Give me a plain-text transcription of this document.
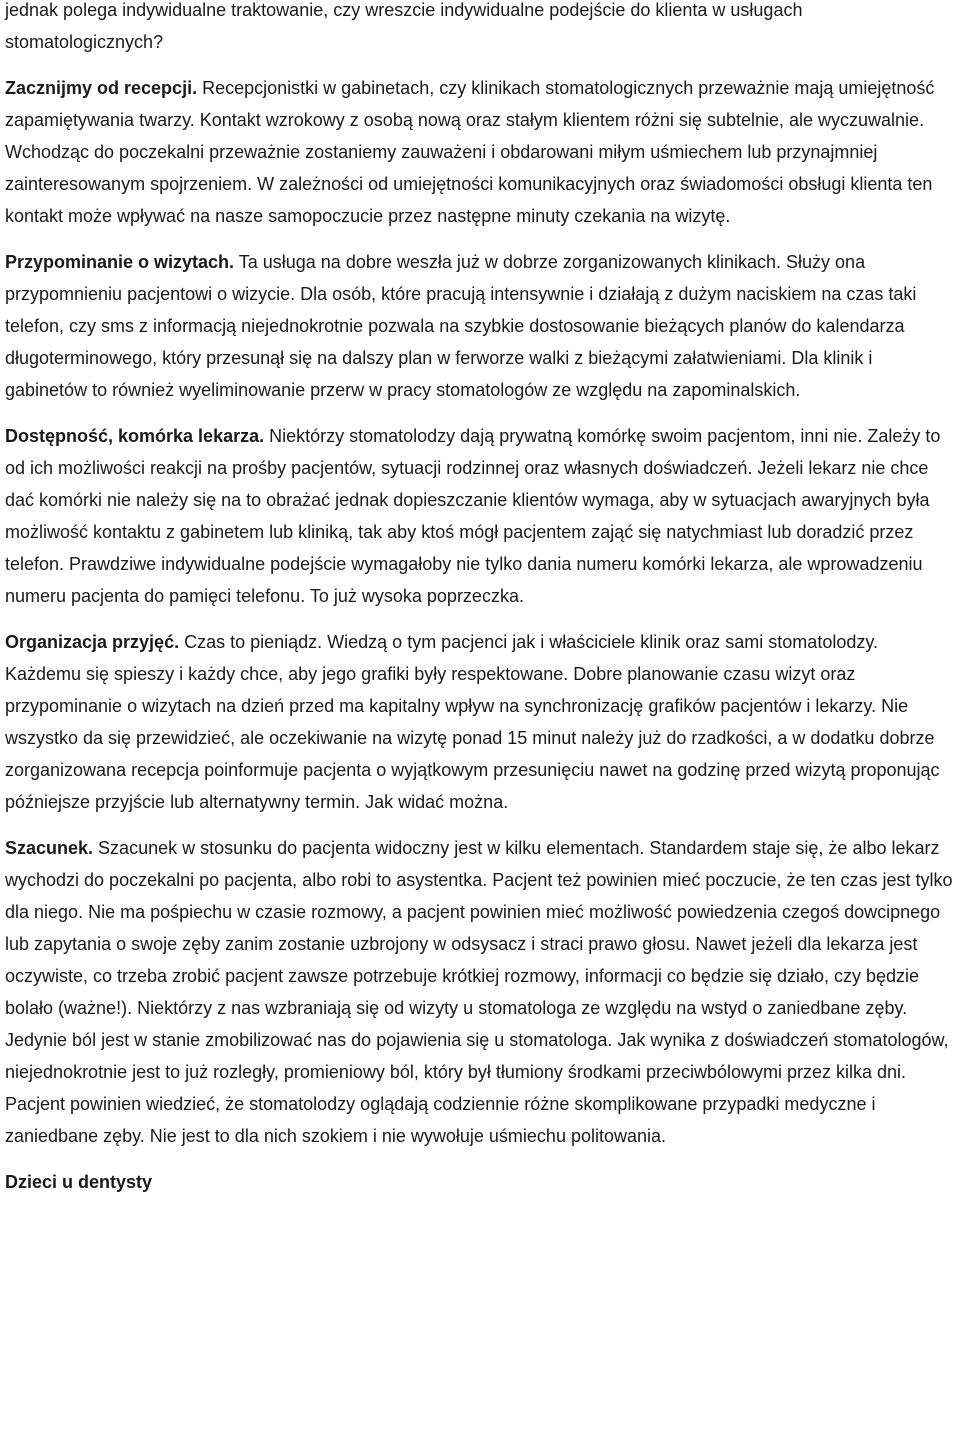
jednak polega indywidualne traktowanie, czy wreszcie indywidualne podejście do klienta w usługach stomatologicznych?

Zacznijmy od recepcji. Recepcjonistki w gabinetach, czy klinikach stomatologicznych przeważnie mają umiejętność zapamiętywania twarzy. Kontakt wzrokowy z osobą nową oraz stałym klientem różni się subtelnie, ale wyczuwalnie. Wchodząc do poczekalni przeważnie zostaniemy zauważeni i obdarowani miłym uśmiechem lub przynajmniej zainteresowanym spojrzeniem. W zależności od umiejętności komunikacyjnych oraz świadomości obsługi klienta ten kontakt może wpływać na nasze samopoczucie przez następne minuty czekania na wizytę.

Przypominanie o wizytach. Ta usługa na dobre weszła już w dobrze zorganizowanych klinikach. Służy ona przypomnieniu pacjentowi o wizycie. Dla osób, które pracują intensywnie i działają z dużym naciskiem na czas taki telefon, czy sms z informacją niejednokrotnie pozwala na szybkie dostosowanie bieżących planów do kalendarza długoterminowego, który przesunął się na dalszy plan w ferworze walki z bieżącymi załatwieniami. Dla klinik i gabinetów to również wyeliminowanie przerw w pracy stomatologów ze względu na zapominalskich.

Dostępność, komórka lekarza. Niektórzy stomatolodzy dają prywatną komórkę swoim pacjentom, inni nie. Zależy to od ich możliwości reakcji na prośby pacjentów, sytuacji rodzinnej oraz własnych doświadczeń. Jeżeli lekarz nie chce dać komórki nie należy się na to obrażać jednak dopieszczanie klientów wymaga, aby w sytuacjach awaryjnych była możliwość kontaktu z gabinetem lub kliniką, tak aby ktoś mógł pacjentem zająć się natychmiast lub doradzić przez telefon. Prawdziwe indywidualne podejście wymagałoby nie tylko dania numeru komórki lekarza, ale wprowadzeniu numeru pacjenta do pamięci telefonu. To już wysoka poprzeczka.

Organizacja przyjęć. Czas to pieniądz. Wiedzą o tym pacjenci jak i właściciele klinik oraz sami stomatolodzy. Każdemu się spieszy i każdy chce, aby jego grafiki były respektowane. Dobre planowanie czasu wizyt oraz przypominanie o wizytach na dzień przed ma kapitalny wpływ na synchronizację grafików pacjentów i lekarzy. Nie wszystko da się przewidzieć, ale oczekiwanie na wizytę ponad 15 minut należy już do rzadkości, a w dodatku dobrze zorganizowana recepcja poinformuje pacjenta o wyjątkowym przesunięciu nawet na godzinę przed wizytą proponując późniejsze przyjście lub alternatywny termin. Jak widać można.

Szacunek. Szacunek w stosunku do pacjenta widoczny jest w kilku elementach. Standardem staje się, że albo lekarz wychodzi do poczekalni po pacjenta, albo robi to asystentka. Pacjent też powinien mieć poczucie, że ten czas jest tylko dla niego. Nie ma pośpiechu w czasie rozmowy, a pacjent powinien mieć możliwość powiedzenia czegoś dowcipnego lub zapytania o swoje zęby zanim zostanie uzbrojony w odsysacz i straci prawo głosu. Nawet jeżeli dla lekarza jest oczywiste, co trzeba zrobić pacjent zawsze potrzebuje krótkiej rozmowy, informacji co będzie się działo, czy będzie bolało (ważne!). Niektórzy z nas wzbraniają się od wizyty u stomatologa ze względu na wstyd o zaniedbane zęby. Jedynie ból jest w stanie zmobilizować nas do pojawienia się u stomatologa. Jak wynika z doświadczeń stomatologów, niejednokrotnie jest to już rozległy, promieniowy ból, który był tłumiony środkami przeciwbólowymi przez kilka dni. Pacjent powinien wiedzieć, że stomatolodzy oglądają codziennie różne skomplikowane przypadki medyczne i zaniedbane zęby. Nie jest to dla nich szokiem i nie wywołuje uśmiechu politowania.

Dzieci u dentysty
